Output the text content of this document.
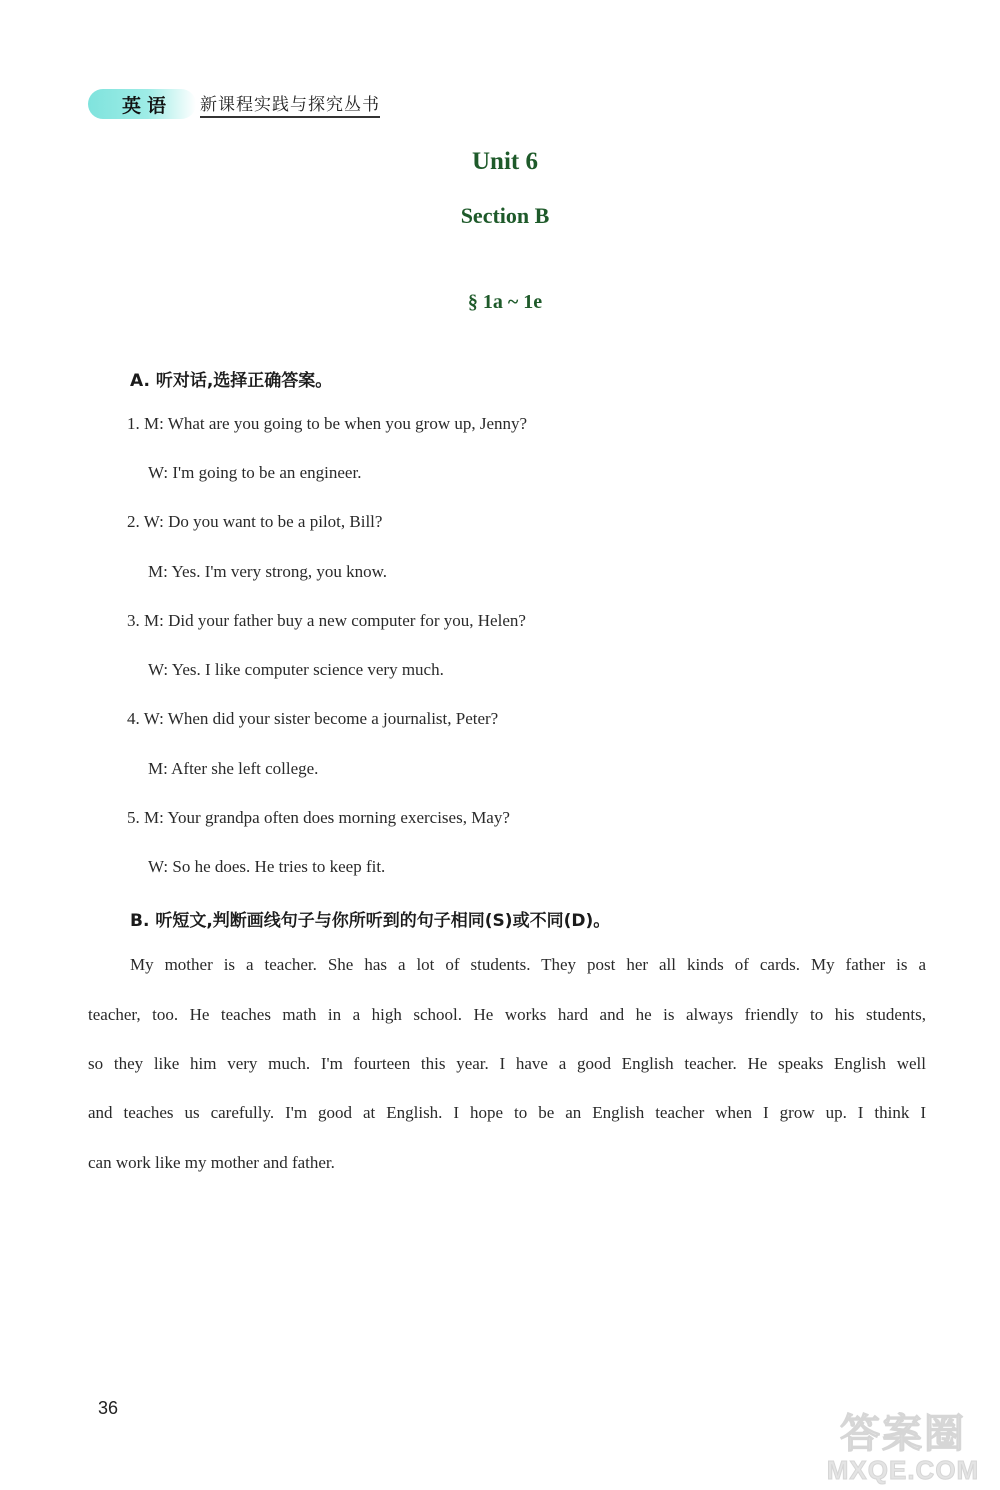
英语	新课程实践与探究丛书
Unit 6
Section B
§ 1a ~ 1e
A. 听对话,选择正确答案。
1. M: What are you going to be when you grow up, Jenny?
W: I'm going to be an engineer.
2. W: Do you want to be a pilot, Bill?
M: Yes. I'm very strong, you know.
3. M: Did your father buy a new computer for you, Helen?
W: Yes. I like computer science very much.
4. W: When did your sister become a journalist, Peter?
M: After she left college.
5. M: Your grandpa often does morning exercises, May?
W: So he does. He tries to keep fit.
B. 听短文,判断画线句子与你所听到的句子相同(S)或不同(D)。
My mother is a teacher. She has a lot of students. They post her all kinds of cards. My father is a
teacher, too. He teaches math in a high school. He works hard and he is always friendly to his students,
so they like him very much. I'm fourteen this year. I have a good English teacher. He speaks English well
and teaches us carefully. I'm good at English. I hope to be an English teacher when I grow up. I think I
can work like my mother and father.
36
答案圈
MXQE.COM
